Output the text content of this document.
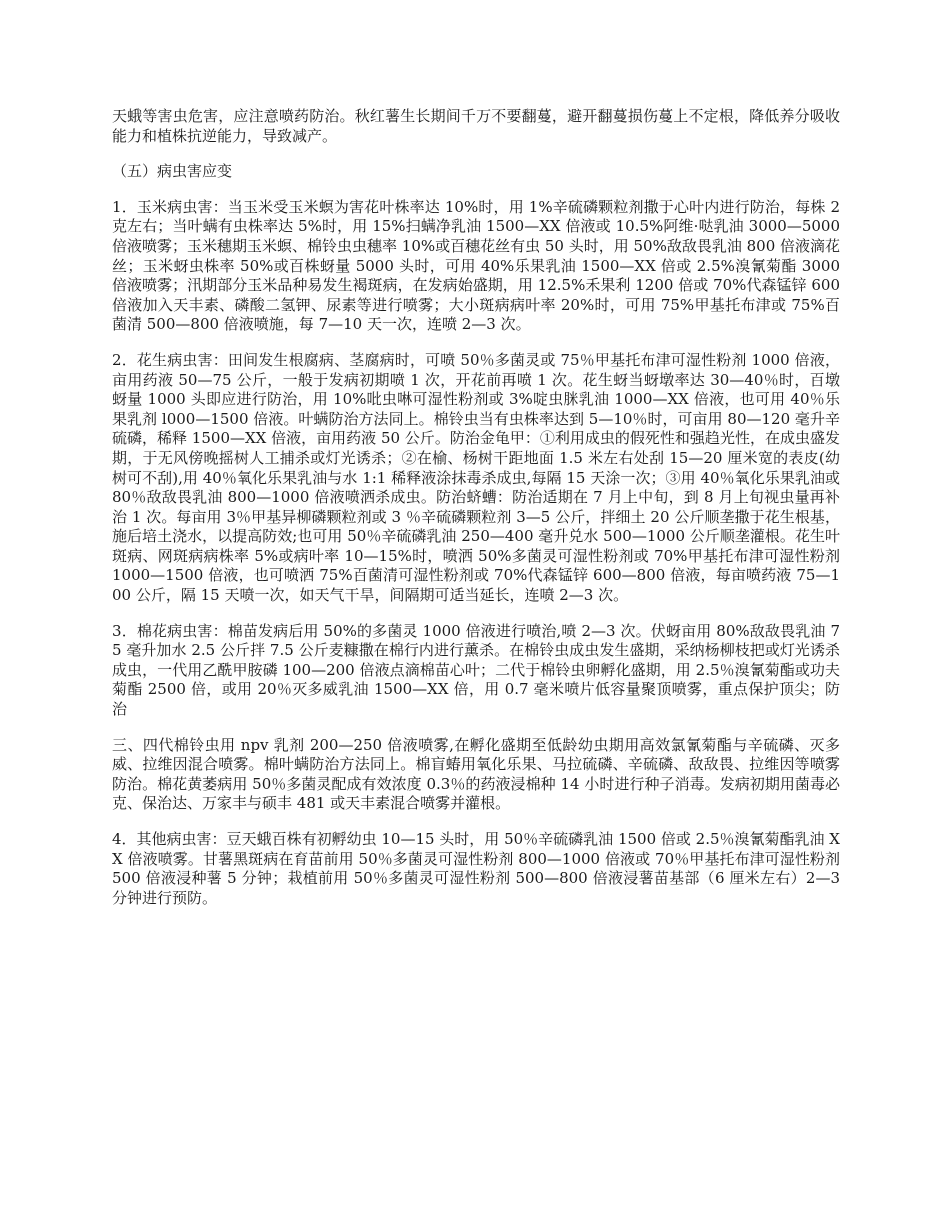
天蛾等害虫危害，应注意喷药防治。秋红薯生长期间千万不要翻蔓，避开翻蔓损伤蔓上不定根，降低养分吸收能力和植株抗逆能力，导致减产。

（五）病虫害应变

1．玉米病虫害：当玉米受玉米螟为害花叶株率达 10%时，用 1%辛硫磷颗粒剂撒于心叶内进行防治，每株 2 克左右；当叶螨有虫株率达 5%时，用 15%扫螨净乳油 1500—XX 倍液或 10.5%阿维·哒乳油 3000—5000 倍液喷雾；玉米穗期玉米螟、棉铃虫虫穗率 10%或百穗花丝有虫 50 头时，用 50%敌敌畏乳油 800 倍液滴花丝；玉米蚜虫株率 50%或百株蚜量 5000 头时，可用 40%乐果乳油 1500—XX 倍或 2.5%溴氰菊酯 3000 倍液喷雾；汛期部分玉米品种易发生褐斑病，在发病始盛期，用 12.5%禾果利 1200 倍或 70%代森锰锌 600 倍液加入天丰素、磷酸二氢钾、尿素等进行喷雾；大小斑病病叶率 20%时，可用 75%甲基托布津或 75%百菌清 500—800 倍液喷施，每 7—10 天一次，连喷 2—3 次。

2．花生病虫害：田间发生根腐病、茎腐病时，可喷 50％多菌灵或 75％甲基托布津可湿性粉剂 1000 倍液，亩用药液 50—75 公斤，一般于发病初期喷 1 次，开花前再喷 1 次。花生蚜当蚜墩率达 30—40％时，百墩蚜量 1000 头即应进行防治，用 10%吡虫啉可湿性粉剂或 3%啶虫脒乳油 1000—XX 倍液，也可用 40％乐果乳剂 l000—1500 倍液。叶螨防治方法同上。棉铃虫当有虫株率达到 5—10％时，可亩用 80—120 毫升辛硫磷，稀释 1500—XX 倍液，亩用药液 50 公斤。防治金龟甲：①利用成虫的假死性和强趋光性，在成虫盛发期，于无风傍晚摇树人工捕杀或灯光诱杀；②在榆、杨树干距地面 1.5 米左右处刮 15—20 厘米宽的表皮(幼树可不刮),用 40％氧化乐果乳油与水 1:1 稀释液涂抹毒杀成虫,每隔 15 天涂一次；③用 40％氧化乐果乳油或 80％敌敌畏乳油 800—1000 倍液喷洒杀成虫。防治蛴螬：防治适期在 7 月上中旬，到 8 月上旬视虫量再补治 1 次。每亩用 3％甲基异柳磷颗粒剂或 3 ％辛硫磷颗粒剂 3—5 公斤，拌细土 20 公斤顺垄撒于花生根基，施后培土浇水，以提高防效;也可用 50％辛硫磷乳油 250—400 毫升兑水 500—1000 公斤顺垄灌根。花生叶斑病、网斑病病株率 5%或病叶率 10—15%时，喷洒 50%多菌灵可湿性粉剂或 70%甲基托布津可湿性粉剂 1000—1500 倍液，也可喷洒 75%百菌清可湿性粉剂或 70%代森锰锌 600—800 倍液，每亩喷药液 75—100 公斤，隔 15 天喷一次，如天气干旱，间隔期可适当延长，连喷 2—3 次。

3．棉花病虫害：棉苗发病后用 50%的多菌灵 1000 倍液进行喷治,喷 2—3 次。伏蚜亩用 80%敌敌畏乳油 75 毫升加水 2.5 公斤拌 7.5 公斤麦糠撒在棉行内进行薰杀。在棉铃虫成虫发生盛期，采纳杨柳枝把或灯光诱杀成虫，一代用乙酰甲胺磷 100—200 倍液点滴棉苗心叶；二代于棉铃虫卵孵化盛期，用 2.5％溴氰菊酯或功夫菊酯 2500 倍，或用 20％灭多威乳油 1500—XX 倍，用 0.7 毫米喷片低容量聚顶喷雾，重点保护顶尖；防治

三、四代棉铃虫用 npv 乳剂 200—250 倍液喷雾,在孵化盛期至低龄幼虫期用高效氯氰菊酯与辛硫磷、灭多威、拉维因混合喷雾。棉叶螨防治方法同上。棉盲蝽用氧化乐果、马拉硫磷、辛硫磷、敌敌畏、拉维因等喷雾防治。棉花黄萎病用 50％多菌灵配成有效浓度 0.3％的药液浸棉种 14 小时进行种子消毒。发病初期用菌毒必克、保治达、万家丰与硕丰 481 或天丰素混合喷雾并灌根。

4．其他病虫害：豆天蛾百株有初孵幼虫 10—15 头时，用 50％辛硫磷乳油 1500 倍或 2.5％溴氰菊酯乳油 XX 倍液喷雾。甘薯黑斑病在育苗前用 50％多菌灵可湿性粉剂 800—1000 倍液或 70％甲基托布津可湿性粉剂 500 倍液浸种薯 5 分钟；栽植前用 50％多菌灵可湿性粉剂 500—800 倍液浸薯苗基部（6 厘米左右）2—3 分钟进行预防。
